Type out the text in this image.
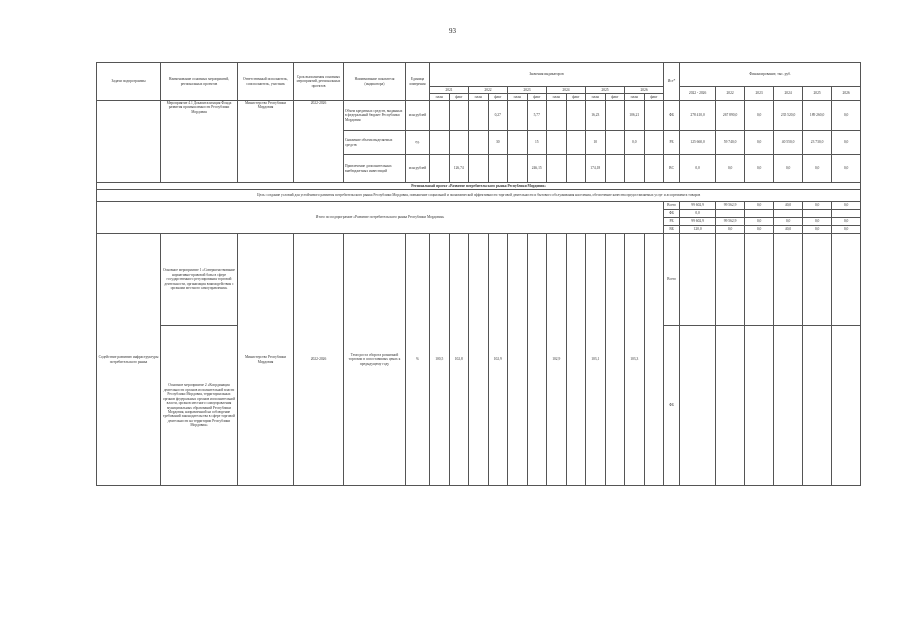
93
Задачи подпрограммы	Наименование основных мероприятий, региональных проектов	Ответственный исполнитель, соисполнитель, участник	Срок выполнения основных мероприятий, региональных проектов	Наименование показателя (индикатора)	Единица измерения	Значения индикаторов												Ист*	Финансирование, тыс. руб.					
						2021		2022		2023		2024		2025		2026			2022 - 2026	2022	2023	2024	2025	2026
						план	факт	план	факт	план	факт	план	факт	план	факт	план	факт							
	Мероприятие 4.1 Докапитализация Фонда развития промышленности Республики Мордовия	Министерство Республики Мордовия	2022-2026	Объем кредитных средств, выданных в федеральный бюджет Республики Мордовия	млн рублей				0,27		5,77			16,23		106,21		ФБ	278 410,0	267 890,0	0,0	235 520,0	189 260,0	0,0
				Снижение объема выделяемых средств	ед.				30		15			10		0,0		РБ	125 660,0	59 740,0	0,0	40 550,0	23 730,0	0,0
				Привлечение дополнительных внебюджетных инвестиций	млн рублей		126,74				246,15			174,18				ВС	0,0	0,0	0,0	0,0	0,0	0,0
Региональный проект «Развитие потребительского рынка Республики Мордовия»																								
Цель: создание условий для устойчивого развития потребительского рынка Республики Мордовия, повышение социальной и экономической эффективности торговой деятельности и бытового обслуживания населения, обеспечение качества предоставляемых услуг и ассортимента товаров																								
Итого по подпрограмме «Развитие потребительского рынка Республики Мордовия»																		Всего	99 602,9	99 562,9	0,0	40,0	0,0	0,0
																		ФБ	0,0					
																		РБ	99 602,9	99 562,9	0,0	0,0	0,0	0,0
																		ВБ	120,0	0,0	0,0	40,0	0,0	0,0
Содействие развитию инфраструктуры потребительского рынка	Основное мероприятие 1 «Совершенствование нормативно-правовой базы в сфере государственного регулирования торговой деятельности, организация взаимодействия с органами местного самоуправления»	Министерство Республики Мордовия	2022-2026	Темп роста оборота розничной торговли в сопоставимых ценах к предыдущему году	%	100,5	102,8		102,9			102,9		103,1		103,3		Всего						
	Основное мероприятие 2 «Координация деятельности органов исполнительной власти Республики Мордовия, территориальных органов федеральных органов исполнительной власти, органов местного самоуправления муниципальных образований Республики Мордовия, направленной на соблюдение требований законодательства в сфере торговой деятельности на территории Республики Мордовия»																	ФБ						
